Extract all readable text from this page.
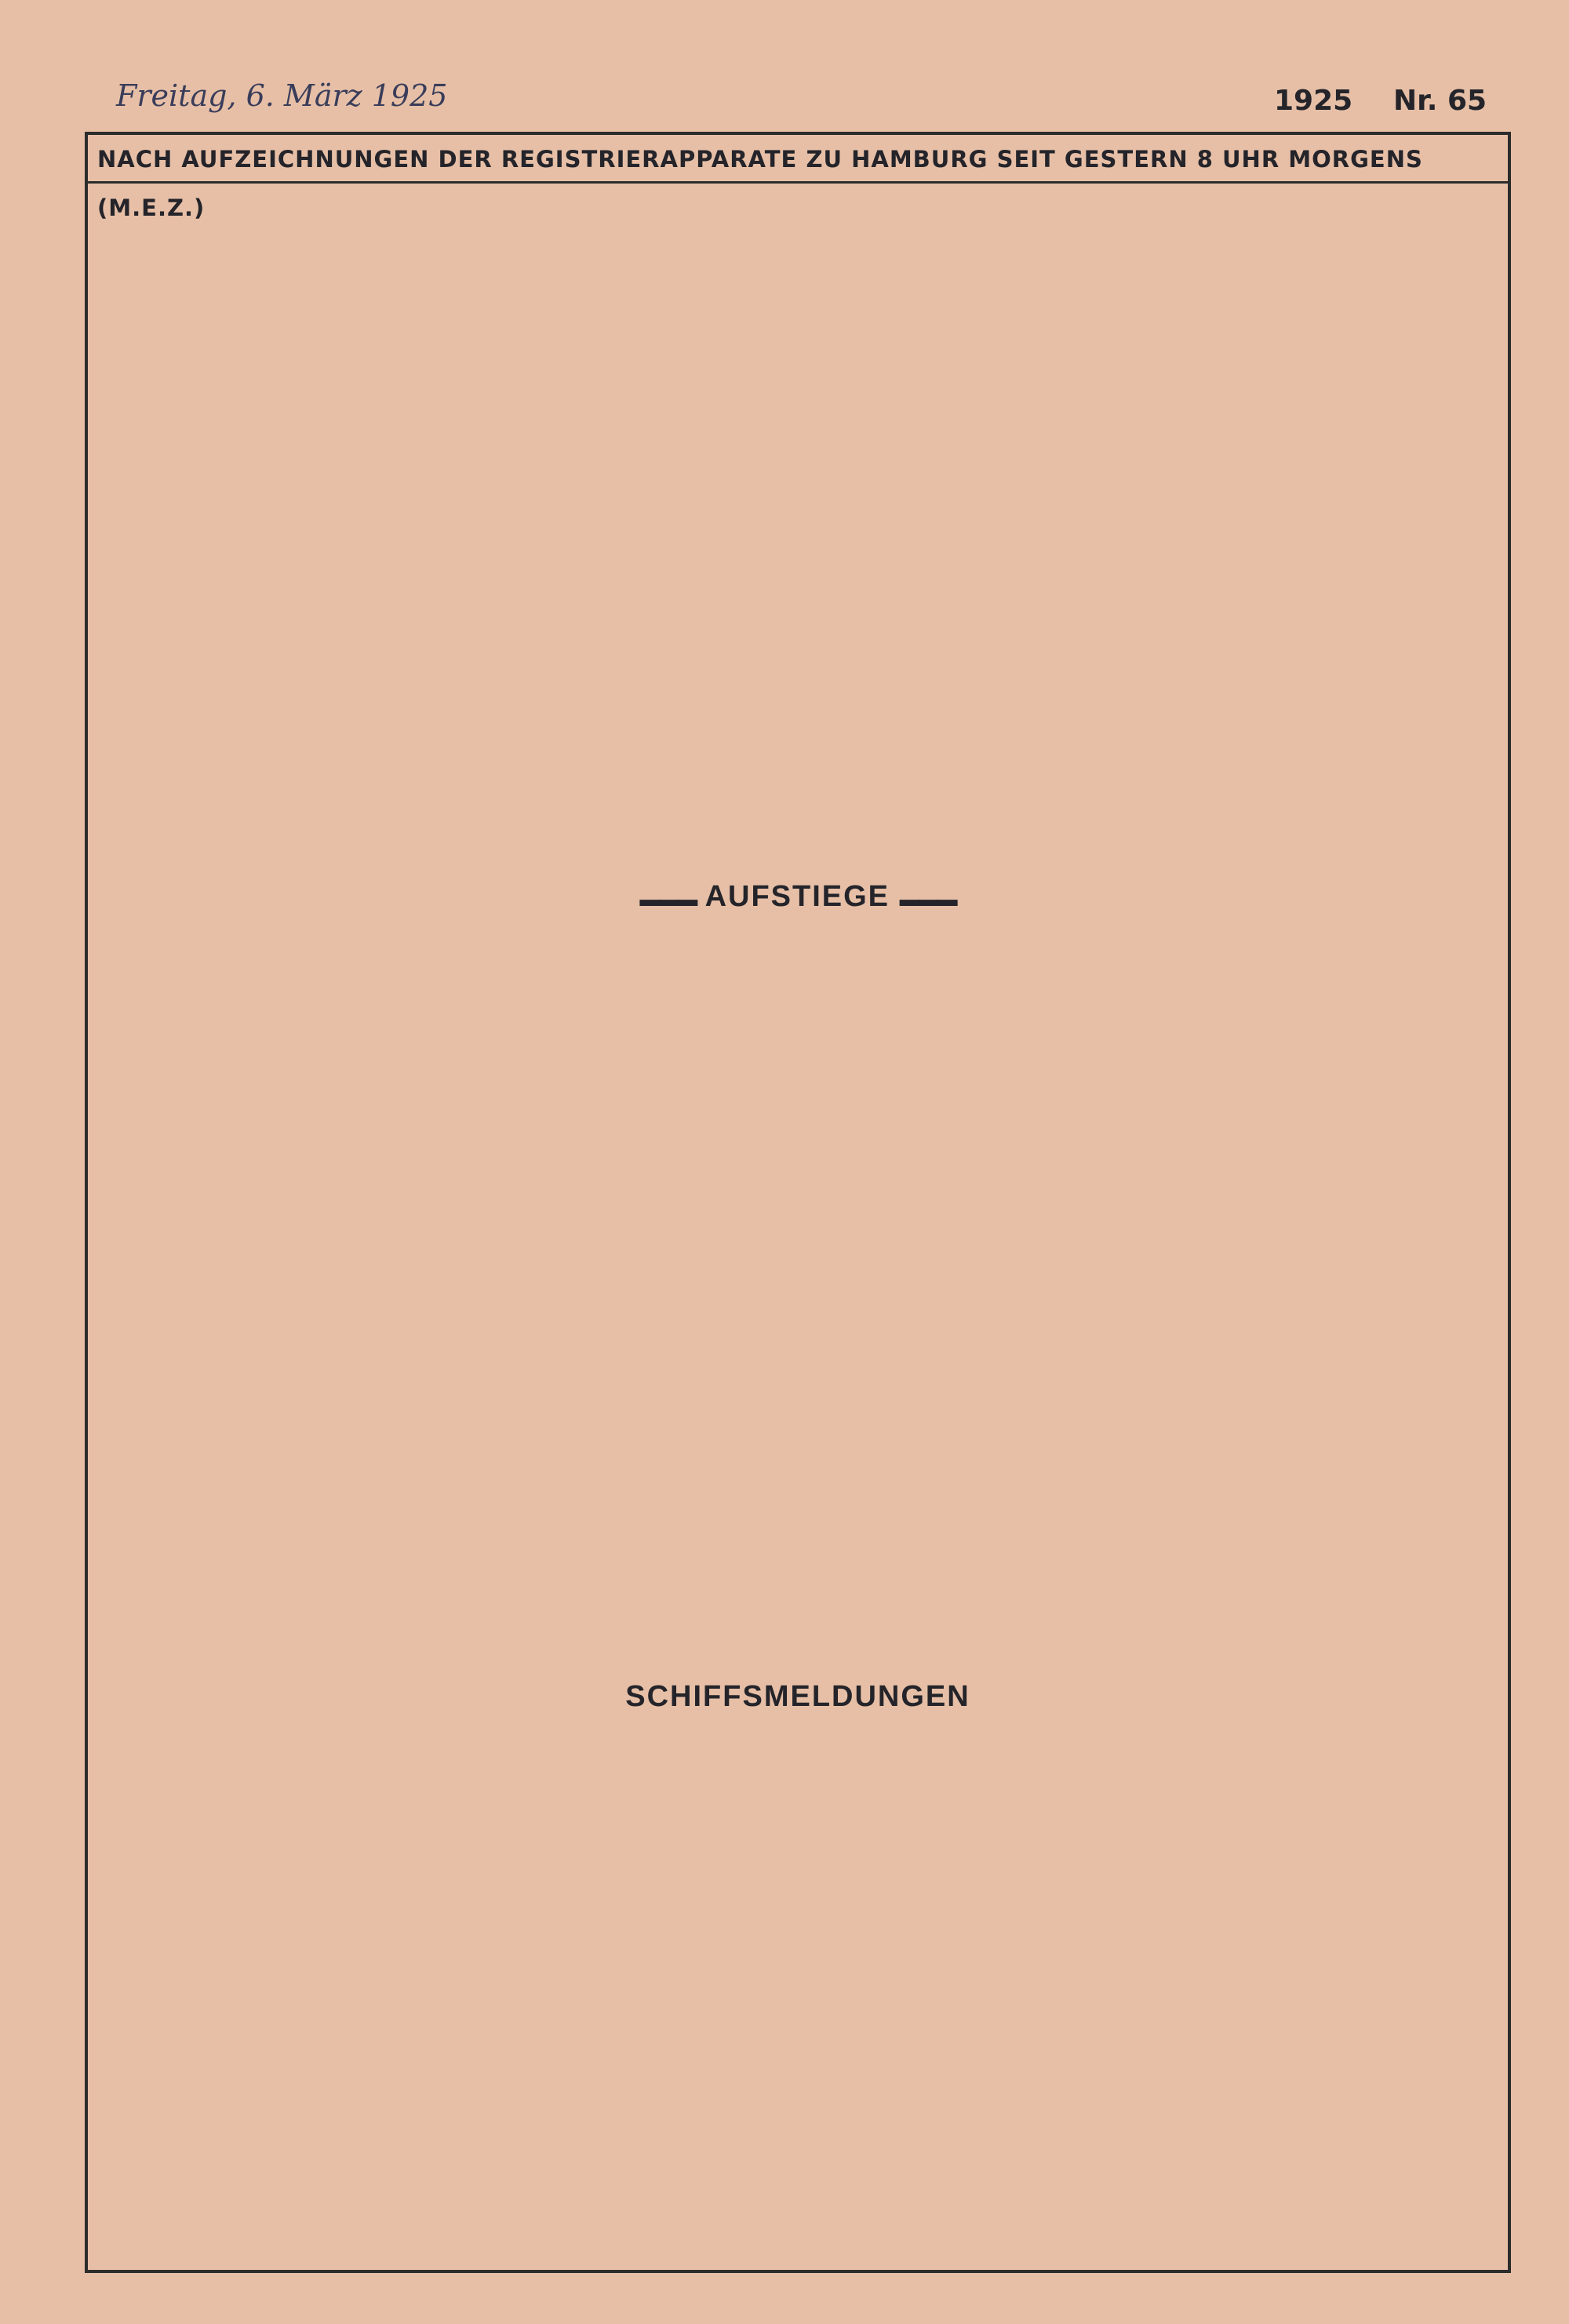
Freitag, 6. März 1925	1925 Nr. 65
NACH AUFZEICHNUNGEN DER REGISTRIERAPPARATE ZU HAMBURG SEIT GESTERN 8 UHR MORGENS (M.E.Z.)
▬▬▬ AUFSTIEGE ▬▬▬
SCHIFFSMELDUNGEN
